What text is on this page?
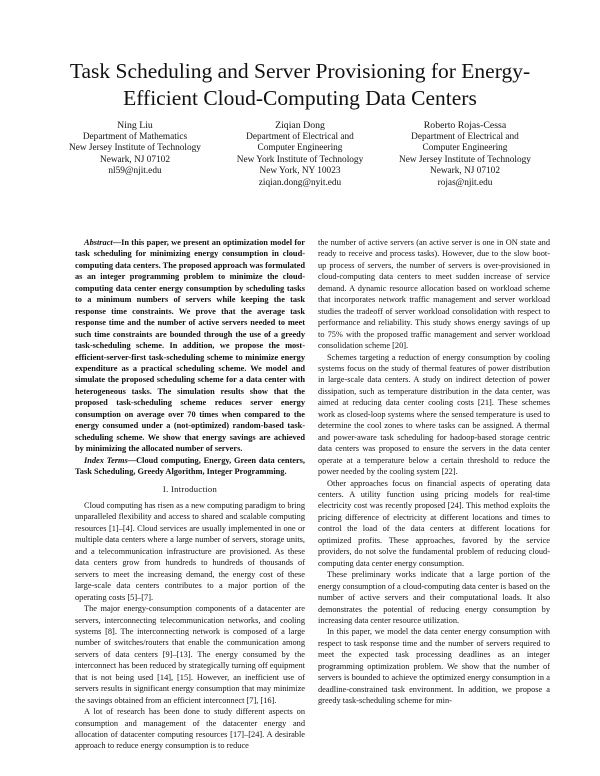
Task Scheduling and Server Provisioning for Energy-Efficient Cloud-Computing Data Centers
Ning Liu
Department of Mathematics
New Jersey Institute of Technology
Newark, NJ 07102
nl59@njit.edu
Ziqian Dong
Department of Electrical and
Computer Engineering
New York Institute of Technology
New York, NY 10023
ziqian.dong@nyit.edu
Roberto Rojas-Cessa
Department of Electrical and
Computer Engineering
New Jersey Institute of Technology
Newark, NJ 07102
rojas@njit.edu

Abstract—In this paper, we present an optimization model for task scheduling for minimizing energy consumption in cloud-computing data centers. The proposed approach was formulated as an integer programming problem to minimize the cloud-computing data center energy consumption by scheduling tasks to a minimum numbers of servers while keeping the task response time constraints. We prove that the average task response time and the number of active servers needed to meet such time constraints are bounded through the use of a greedy task-scheduling scheme. In addition, we propose the most-efficient-server-first task-scheduling scheme to minimize energy expenditure as a practical scheduling scheme. We model and simulate the proposed scheduling scheme for a data center with heterogeneous tasks. The simulation results show that the proposed task-scheduling scheme reduces server energy consumption on average over 70 times when compared to the energy consumed under a (not-optimized) random-based task-scheduling scheme. We show that energy savings are achieved by minimizing the allocated number of servers.

Index Terms—Cloud computing, Energy, Green data centers, Task Scheduling, Greedy Algorithm, Integer Programming.

I. Introduction

Cloud computing has risen as a new computing paradigm to bring unparalleled flexibility and access to shared and scalable computing resources [1]–[4]. Cloud services are usually implemented in one or multiple data centers where a large number of servers, storage units, and a telecommunication infrastructure are provisioned. As these data centers grow from hundreds to hundreds of thousands of servers to meet the increasing demand, the energy cost of these large-scale data centers contributes to a major portion of the operating costs [5]–[7].

The major energy-consumption components of a datacenter are servers, interconnecting telecommunication networks, and cooling systems [8]. The interconnecting network is composed of a large number of switches/routers that enable the communication among servers of data centers [9]–[13]. The energy consumed by the interconnect has been reduced by strategically turning off equipment that is not being used [14], [15]. However, an inefficient use of servers results in significant energy consumption that may minimize the savings obtained from an efficient interconnect [7], [16].

A lot of research has been done to study different aspects on consumption and management of the datacenter energy and allocation of datacenter computing resources [17]–[24]. A desirable approach to reduce energy consumption is to reduce

the number of active servers (an active server is one in ON state and ready to receive and process tasks). However, due to the slow boot-up process of servers, the number of servers is over-provisioned in cloud-computing data centers to meet sudden increase of service demand. A dynamic resource allocation based on workload scheme that incorporates network traffic management and server workload studies the tradeoff of server workload consolidation with respect to performance and reliability. This study shows energy savings of up to 75% with the proposed traffic management and server workload consolidation scheme [20].

Schemes targeting a reduction of energy consumption by cooling systems focus on the study of thermal features of power distribution in large-scale data centers. A study on indirect detection of power dissipation, such as temperature distribution in the data center, was aimed at reducing data center cooling costs [21]. These schemes work as closed-loop systems where the sensed temperature is used to determine the cool zones to where tasks can be assigned. A thermal and power-aware task scheduling for hadoop-based storage centric data centers was proposed to ensure the servers in the data center operate at a temperature below a certain threshold to reduce the power needed by the cooling system [22].

Other approaches focus on financial aspects of operating data centers. A utility function using pricing models for real-time electricity cost was recently proposed [24]. This method exploits the pricing difference of electricity at different locations and times to control the load of the data centers at different locations for optimized profits. These approaches, favored by the service providers, do not solve the fundamental problem of reducing cloud-computing data center energy consumption.

These preliminary works indicate that a large portion of the energy consumption of a cloud-computing data center is based on the number of active servers and their computational loads. It also demonstrates the potential of reducing energy consumption by increasing data center resource utilization.

In this paper, we model the data center energy consumption with respect to task response time and the number of servers required to meet the expected task processing deadlines as an integer programming optimization problem. We show that the number of servers is bounded to achieve the optimized energy consumption in a deadline-constrained task environment. In addition, we propose a greedy task-scheduling scheme for min-
